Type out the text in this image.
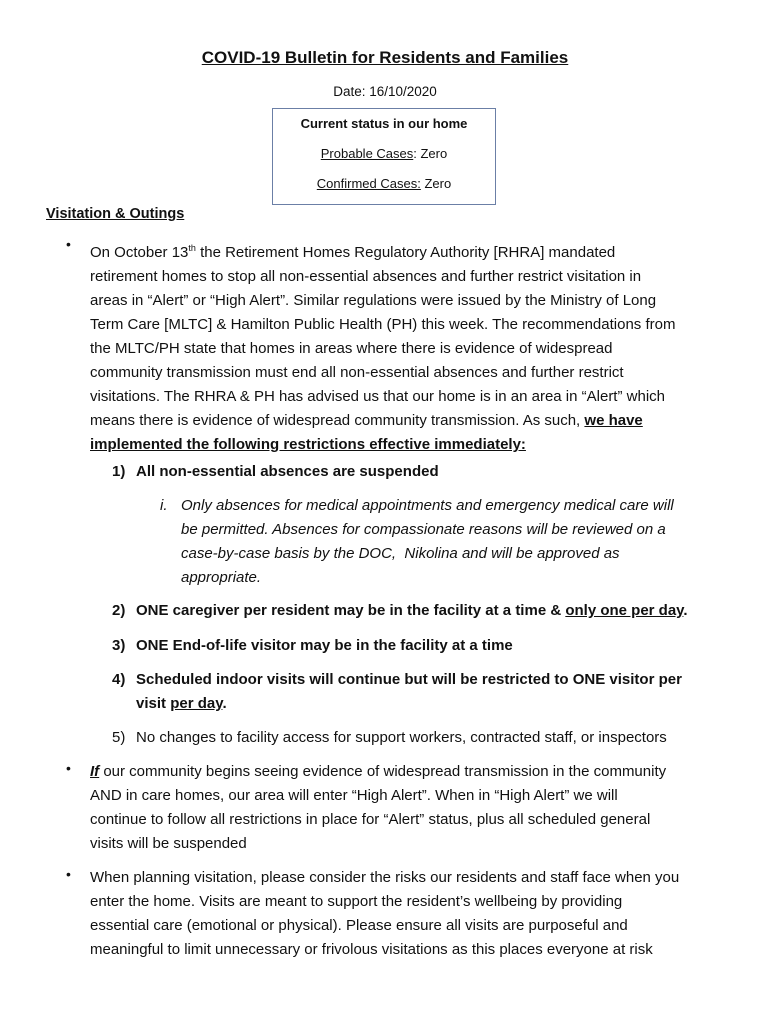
COVID-19 Bulletin for Residents and Families
Date: 16/10/2020
Current status in our home
Probable Cases: Zero
Confirmed Cases: Zero
Visitation & Outings
• On October 13th the Retirement Homes Regulatory Authority [RHRA] mandated
retirement homes to stop all non-essential absences and further restrict visitation in
areas in “Alert” or “High Alert”. Similar regulations were issued by the Ministry of Long
Term Care [MLTC] & Hamilton Public Health (PH) this week. The recommendations from
the MLTC/PH state that homes in areas where there is evidence of widespread
community transmission must end all non-essential absences and further restrict
visitations. The RHRA & PH has advised us that our home is in an area in “Alert” which
means there is evidence of widespread community transmission. As such, we have
implemented the following restrictions effective immediately:
1) All non-essential absences are suspended
i. Only absences for medical appointments and emergency medical care will
be permitted. Absences for compassionate reasons will be reviewed on a
case-by-case basis by the DOC,  Nikolina and will be approved as
appropriate.
2) ONE caregiver per resident may be in the facility at a time & only one per day.
3) ONE End-of-life visitor may be in the facility at a time
4) Scheduled indoor visits will continue but will be restricted to ONE visitor per
visit per day.
5) No changes to facility access for support workers, contracted staff, or inspectors
• If our community begins seeing evidence of widespread transmission in the community
AND in care homes, our area will enter “High Alert”. When in “High Alert” we will
continue to follow all restrictions in place for “Alert” status, plus all scheduled general
visits will be suspended
• When planning visitation, please consider the risks our residents and staff face when you
enter the home. Visits are meant to support the resident’s wellbeing by providing
essential care (emotional or physical). Please ensure all visits are purposeful and
meaningful to limit unnecessary or frivolous visitations as this places everyone at risk
